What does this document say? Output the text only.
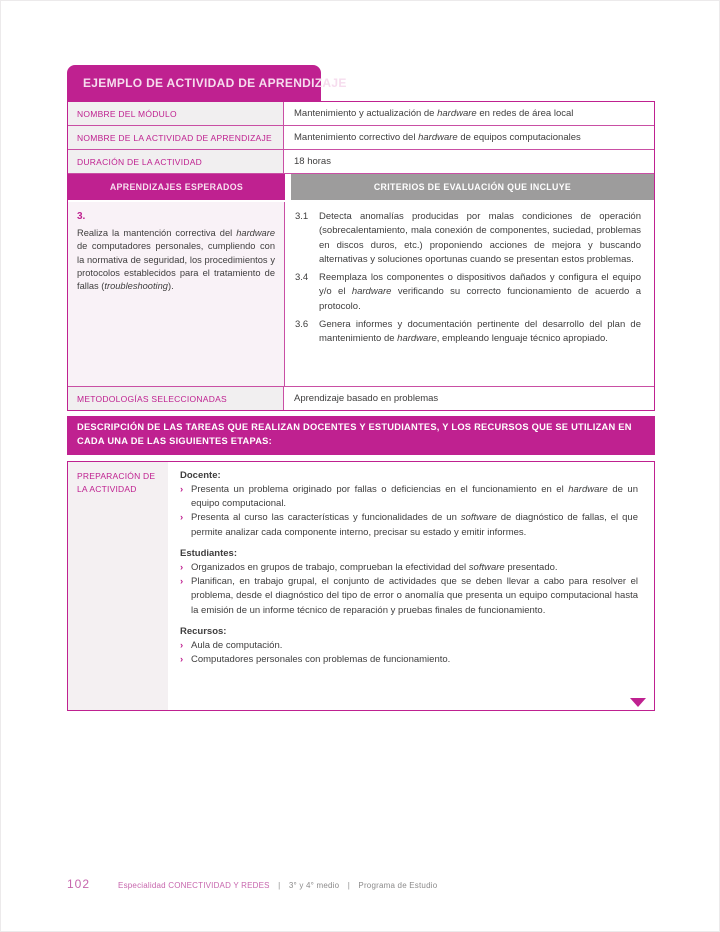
EJEMPLO DE ACTIVIDAD DE APRENDIZAJE
NOMBRE DEL MÓDULO	Mantenimiento y actualización de hardware en redes de área local
NOMBRE DE LA ACTIVIDAD DE APRENDIZAJE	Mantenimiento correctivo del hardware de equipos computacionales
DURACIÓN DE LA ACTIVIDAD	18 horas
APRENDIZAJES ESPERADOS	CRITERIOS DE EVALUACIÓN QUE INCLUYE
3.
Realiza la mantención correctiva del hardware de computadores personales, cumpliendo con la normativa de seguridad, los procedimientos y protocolos establecidos para el tratamiento de fallas (troubleshooting).
3.1	Detecta anomalías producidas por malas condiciones de operación (sobrecalentamiento, mala conexión de componentes, suciedad, problemas en discos duros, etc.) proponiendo acciones de mejora y buscando alternativas y soluciones oportunas cuando se presentan estos problemas.
3.4	Reemplaza los componentes o dispositivos dañados y configura el equipo y/o el hardware verificando su correcto funcionamiento de acuerdo a protocolo.
3.6	Genera informes y documentación pertinente del desarrollo del plan de mantenimiento de hardware, empleando lenguaje técnico apropiado.
METODOLOGÍAS SELECCIONADAS	Aprendizaje basado en problemas
DESCRIPCIÓN DE LAS TAREAS QUE REALIZAN DOCENTES Y ESTUDIANTES, Y LOS RECURSOS QUE SE UTILIZAN EN CADA UNA DE LAS SIGUIENTES ETAPAS:
PREPARACIÓN DE LA ACTIVIDAD
Docente:
› Presenta un problema originado por fallas o deficiencias en el funcionamiento en el hardware de un equipo computacional.
› Presenta al curso las características y funcionalidades de un software de diagnóstico de fallas, el que permite analizar cada componente interno, precisar su estado y emitir informes.
Estudiantes:
› Organizados en grupos de trabajo, comprueban la efectividad del software presentado.
› Planifican, en trabajo grupal, el conjunto de actividades que se deben llevar a cabo para resolver el problema, desde el diagnóstico del tipo de error o anomalía que presenta un equipo computacional hasta la emisión de un informe técnico de reparación y pruebas finales de funcionamiento.
Recursos:
› Aula de computación.
› Computadores personales con problemas de funcionamiento.
102	Especialidad CONECTIVIDAD Y REDES | 3° y 4° medio | Programa de Estudio
